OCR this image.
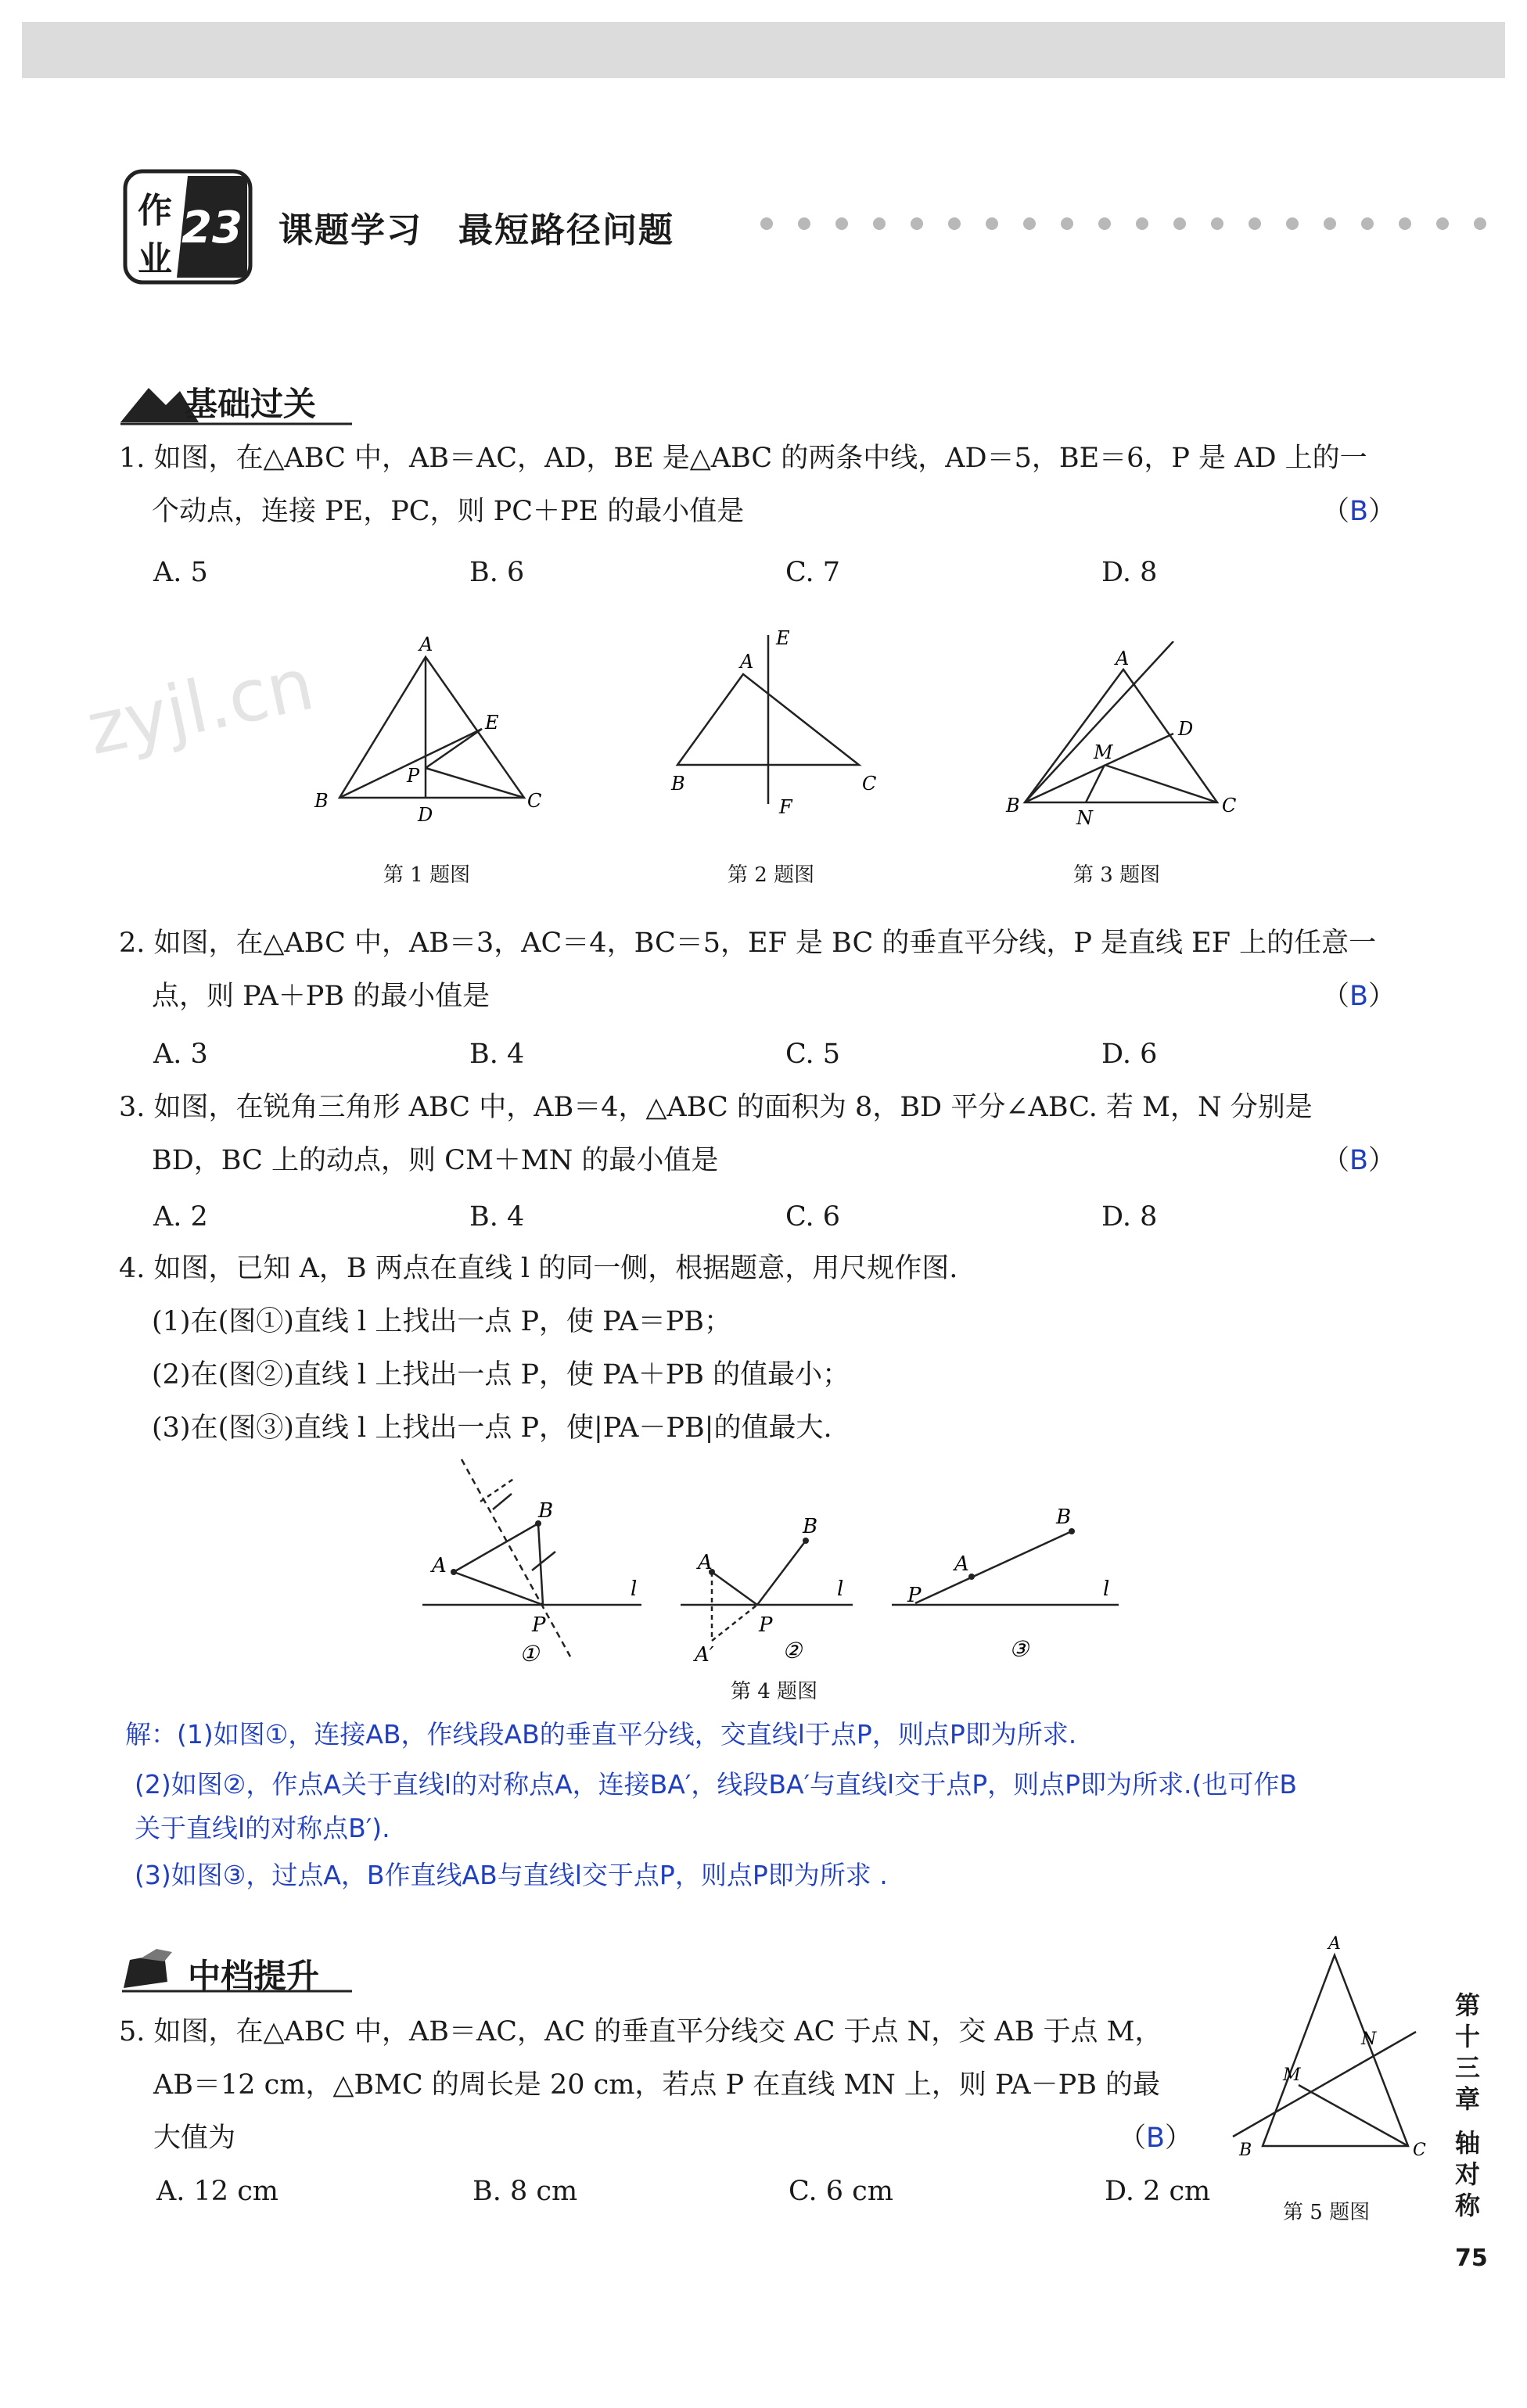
作
业
23 课题学习　最短路径问题
zyjl.cn
基础过关
1. 如图，在△ABC 中，AB＝AC，AD，BE 是△ABC 的两条中线，AD＝5，BE＝6，P 是 AD 上的一
个动点，连接 PE，PC，则 PC＋PE 的最小值是	（B）
A. 5	B. 6	C. 7	D. 8
A
B	C
D
E
P
E
A
B	C
F
A
B	C
D
M
N
第 1 题图	第 2 题图	第 3 题图
2. 如图，在△ABC 中，AB＝3，AC＝4，BC＝5，EF 是 BC 的垂直平分线，P 是直线 EF 上的任意一
点，则 PA＋PB 的最小值是	（B）
A. 3	B. 4	C. 5	D. 6
3. 如图，在锐角三角形 ABC 中，AB＝4，△ABC 的面积为 8，BD 平分∠ABC. 若 M，N 分别是
BD，BC 上的动点，则 CM＋MN 的最小值是	（B）
A. 2	B. 4	C. 6	D. 8
4. 如图，已知 A，B 两点在直线 l 的同一侧，根据题意，用尺规作图.
(1)在(图①)直线 l 上找出一点 P，使 PA＝PB；
(2)在(图②)直线 l 上找出一点 P，使 PA＋PB 的值最小；
(3)在(图③)直线 l 上找出一点 P，使|PA－PB|的值最大.
A
B
P
l
A
B
P
A′
l
A
B
P	l
①	②	③
第 4 题图
解：(1)如图①，连接AB，作线段AB的垂直平分线，交直线l于点P，则点P即为所求.
(2)如图②，作点A关于直线l的对称点A，连接BA′，线段BA′与直线l交于点P，则点P即为所求.(也可作B
关于直线l的对称点B′).
(3)如图③，过点A，B作直线AB与直线l交于点P，则点P即为所求 .
中档提升
5. 如图，在△ABC 中，AB＝AC，AC 的垂直平分线交 AC 于点 N，交 AB 于点 M，
AB＝12 cm，△BMC 的周长是 20 cm，若点 P 在直线 MN 上，则 PA－PB 的最
大值为	（B）
A. 12 cm	B. 8 cm	C. 6 cm	D. 2 cm
A
B	C
M
N
第 5 题图
第十三章
轴对称
75
